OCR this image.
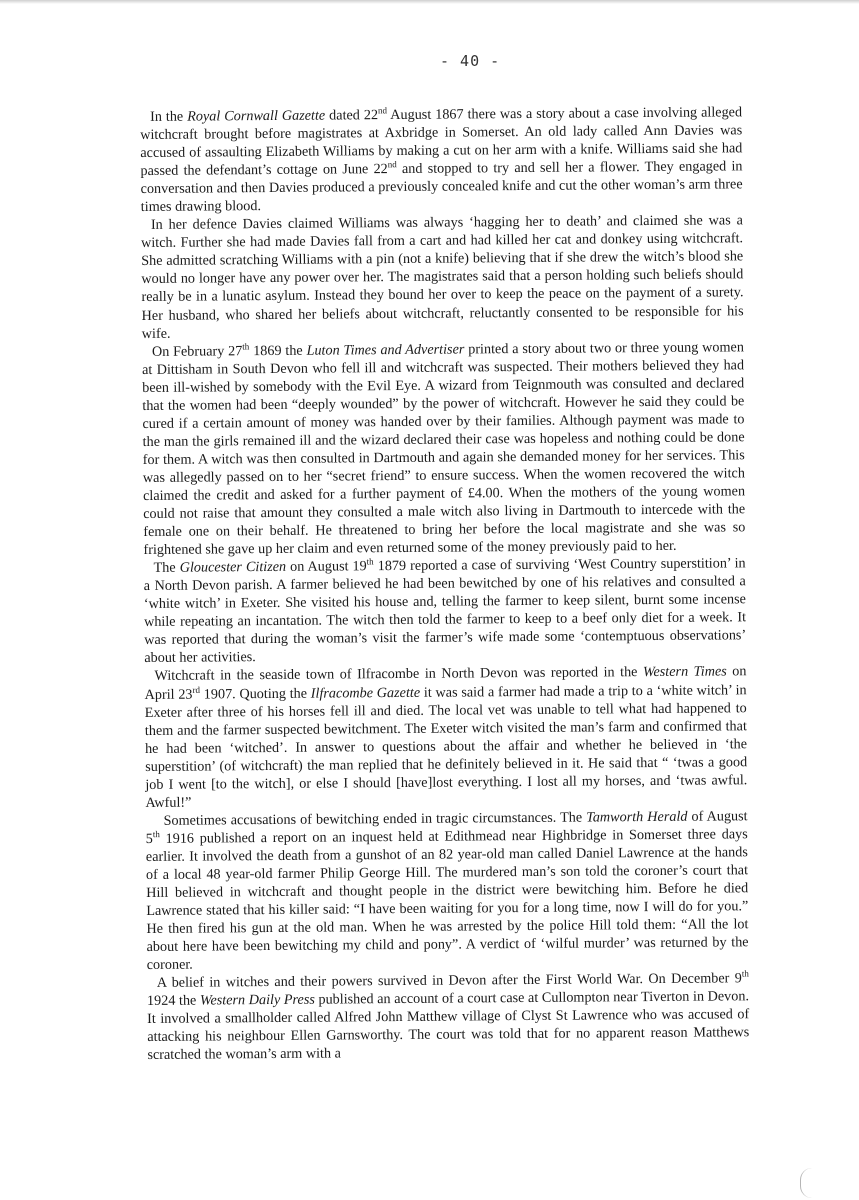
- 40 -

In the Royal Cornwall Gazette dated 22nd August 1867 there was a story about a case involving alleged witchcraft brought before magistrates at Axbridge in Somerset. An old lady called Ann Davies was accused of assaulting Elizabeth Williams by making a cut on her arm with a knife. Williams said she had passed the defendant’s cottage on June 22nd and stopped to try and sell her a flower. They engaged in conversation and then Davies produced a previously concealed knife and cut the other woman’s arm three times drawing blood.

In her defence Davies claimed Williams was always ‘hagging her to death’ and claimed she was a witch. Further she had made Davies fall from a cart and had killed her cat and donkey using witchcraft. She admitted scratching Williams with a pin (not a knife) believing that if she drew the witch’s blood she would no longer have any power over her. The magistrates said that a person holding such beliefs should really be in a lunatic asylum. Instead they bound her over to keep the peace on the payment of a surety. Her husband, who shared her beliefs about witchcraft, reluctantly consented to be responsible for his wife.

On February 27th 1869 the Luton Times and Advertiser printed a story about two or three young women at Dittisham in South Devon who fell ill and witchcraft was suspected. Their mothers believed they had been ill-wished by somebody with the Evil Eye. A wizard from Teignmouth was consulted and declared that the women had been “deeply wounded” by the power of witchcraft. However he said they could be cured if a certain amount of money was handed over by their families. Although payment was made to the man the girls remained ill and the wizard declared their case was hopeless and nothing could be done for them. A witch was then consulted in Dartmouth and again she demanded money for her services. This was allegedly passed on to her “secret friend” to ensure success. When the women recovered the witch claimed the credit and asked for a further payment of £4.00. When the mothers of the young women could not raise that amount they consulted a male witch also living in Dartmouth to intercede with the female one on their behalf. He threatened to bring her before the local magistrate and she was so frightened she gave up her claim and even returned some of the money previously paid to her.

The Gloucester Citizen on August 19th 1879 reported a case of surviving ‘West Country superstition’ in a North Devon parish. A farmer believed he had been bewitched by one of his relatives and consulted a ‘white witch’ in Exeter. She visited his house and, telling the farmer to keep silent, burnt some incense while repeating an incantation. The witch then told the farmer to keep to a beef only diet for a week. It was reported that during the woman’s visit the farmer’s wife made some ‘contemptuous observations’ about her activities.

Witchcraft in the seaside town of Ilfracombe in North Devon was reported in the Western Times on April 23rd 1907. Quoting the Ilfracombe Gazette it was said a farmer had made a trip to a ‘white witch’ in Exeter after three of his horses fell ill and died. The local vet was unable to tell what had happened to them and the farmer suspected bewitchment. The Exeter witch visited the man’s farm and confirmed that he had been ‘witched’. In answer to questions about the affair and whether he believed in ‘the superstition’ (of witchcraft) the man replied that he definitely believed in it. He said that “ ‘twas a good job I went [to the witch], or else I should [have]lost everything. I lost all my horses, and ‘twas awful. Awful!”

Sometimes accusations of bewitching ended in tragic circumstances. The Tamworth Herald of August 5th 1916 published a report on an inquest held at Edithmead near Highbridge in Somerset three days earlier. It involved the death from a gunshot of an 82 year-old man called Daniel Lawrence at the hands of a local 48 year-old farmer Philip George Hill. The murdered man’s son told the coroner’s court that Hill believed in witchcraft and thought people in the district were bewitching him. Before he died Lawrence stated that his killer said: “I have been waiting for you for a long time, now I will do for you.” He then fired his gun at the old man. When he was arrested by the police Hill told them: “All the lot about here have been bewitching my child and pony”. A verdict of ‘wilful murder’ was returned by the coroner.

A belief in witches and their powers survived in Devon after the First World War. On December 9th 1924 the Western Daily Press published an account of a court case at Cullompton near Tiverton in Devon. It involved a smallholder called Alfred John Matthew village of Clyst St Lawrence who was accused of attacking his neighbour Ellen Garnsworthy. The court was told that for no apparent reason Matthews scratched the woman’s arm with a
